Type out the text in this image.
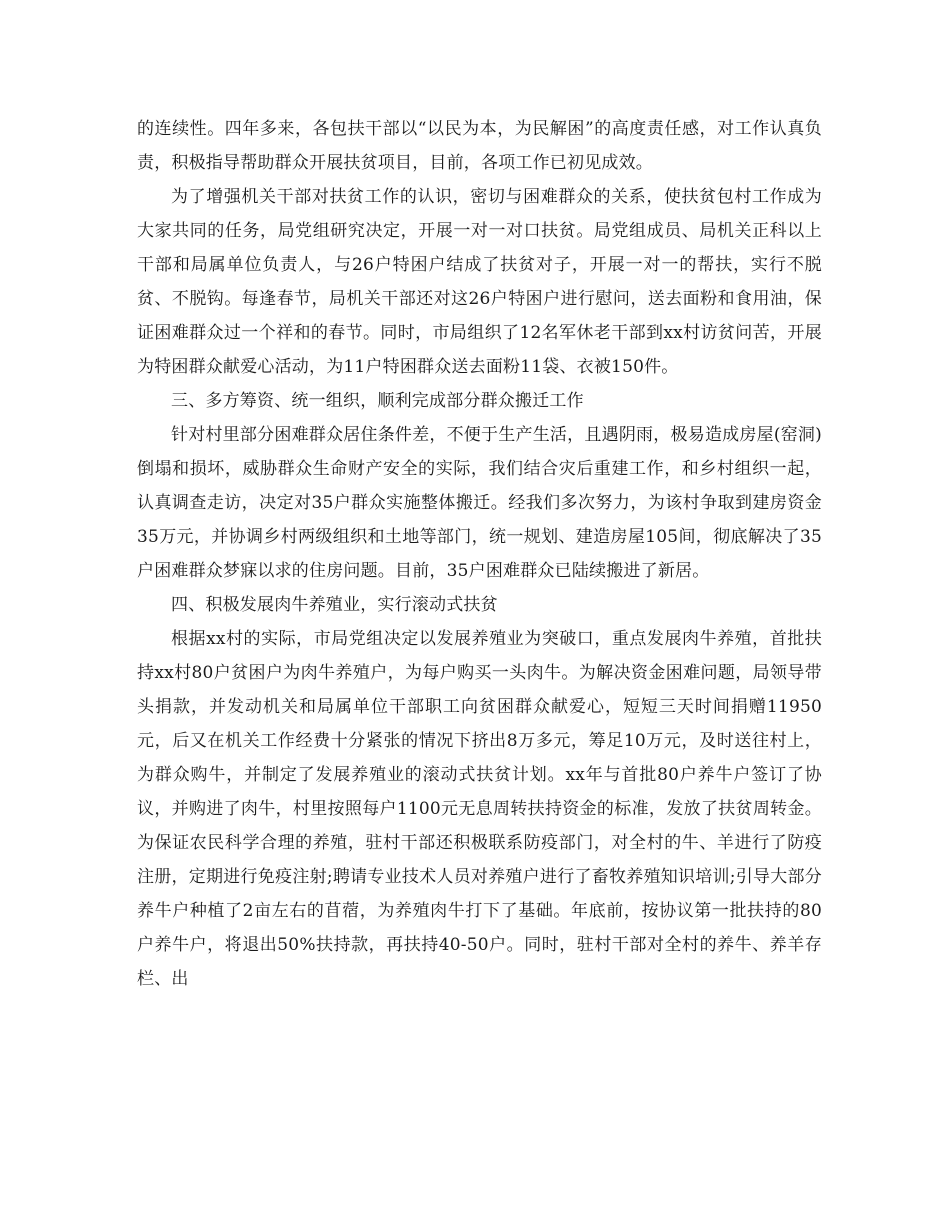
的连续性。四年多来，各包扶干部以“以民为本，为民解困”的高度责任感，对工作认真负责，积极指导帮助群众开展扶贫项目，目前，各项工作已初见成效。

为了增强机关干部对扶贫工作的认识，密切与困难群众的关系，使扶贫包村工作成为大家共同的任务，局党组研究决定，开展一对一对口扶贫。局党组成员、局机关正科以上干部和局属单位负责人，与26户特困户结成了扶贫对子，开展一对一的帮扶，实行不脱贫、不脱钩。每逢春节，局机关干部还对这26户特困户进行慰问，送去面粉和食用油，保证困难群众过一个祥和的春节。同时，市局组织了12名军休老干部到xx村访贫问苦，开展为特困群众献爱心活动，为11户特困群众送去面粉11袋、衣被150件。

三、多方筹资、统一组织，顺利完成部分群众搬迁工作

针对村里部分困难群众居住条件差，不便于生产生活，且遇阴雨，极易造成房屋(窑洞)倒塌和损坏，威胁群众生命财产安全的实际，我们结合灾后重建工作，和乡村组织一起，认真调查走访，决定对35户群众实施整体搬迁。经我们多次努力，为该村争取到建房资金35万元，并协调乡村两级组织和土地等部门，统一规划、建造房屋105间，彻底解决了35户困难群众梦寐以求的住房问题。目前，35户困难群众已陆续搬进了新居。

四、积极发展肉牛养殖业，实行滚动式扶贫

根据xx村的实际，市局党组决定以发展养殖业为突破口，重点发展肉牛养殖，首批扶持xx村80户贫困户为肉牛养殖户，为每户购买一头肉牛。为解决资金困难问题，局领导带头捐款，并发动机关和局属单位干部职工向贫困群众献爱心，短短三天时间捐赠11950元，后又在机关工作经费十分紧张的情况下挤出8万多元，筹足10万元，及时送往村上，为群众购牛，并制定了发展养殖业的滚动式扶贫计划。xx年与首批80户养牛户签订了协议，并购进了肉牛，村里按照每户1100元无息周转扶持资金的标准，发放了扶贫周转金。为保证农民科学合理的养殖，驻村干部还积极联系防疫部门，对全村的牛、羊进行了防疫注册，定期进行免疫注射;聘请专业技术人员对养殖户进行了畜牧养殖知识培训;引导大部分养牛户种植了2亩左右的苜蓿，为养殖肉牛打下了基础。年底前，按协议第一批扶持的80户养牛户，将退出50%扶持款，再扶持40-50户。同时，驻村干部对全村的养牛、养羊存栏、出
